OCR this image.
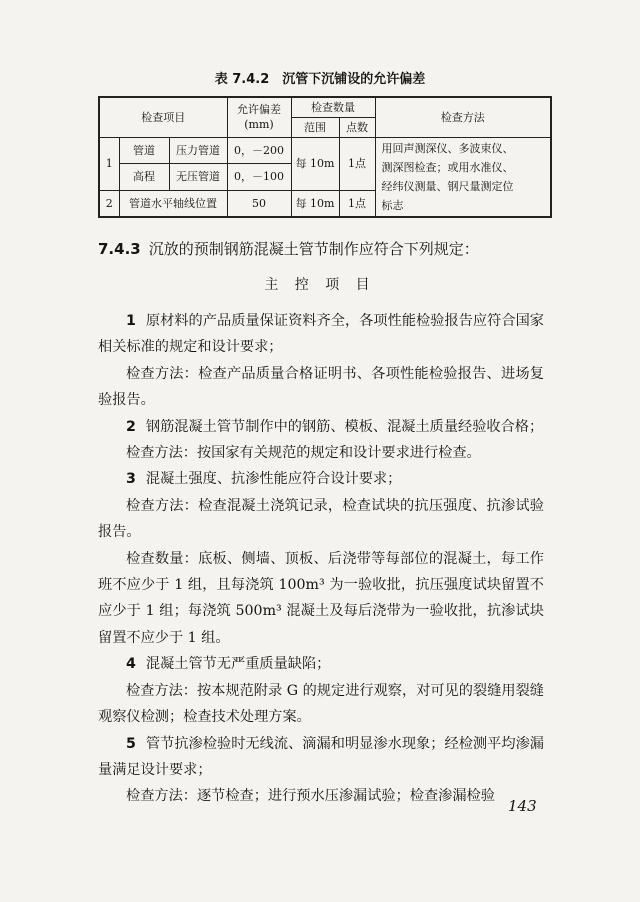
表 7.4.2　沉管下沉铺设的允许偏差
检查项目			允许偏差
(mm)	检查数量		检查方法
				范围	点数	
1	管道	压力管道	0，－200	每 10m	1点	用回声测深仪、多波束仪、
测深图检查；或用水准仪、
经纬仪测量、钢尺量测定位
标志

	高程	无压管道	0，－100			
2	管道水平轴线位置		50	每 10m	1点	
7.4.3 沉放的预制钢筋混凝土管节制作应符合下列规定：
主 控 项 目

1 原材料的产品质量保证资料齐全，各项性能检验报告应符合国家相关标准的规定和设计要求；

检查方法：检查产品质量合格证明书、各项性能检验报告、进场复验报告。

2 钢筋混凝土管节制作中的钢筋、模板、混凝土质量经验收合格；

检查方法：按国家有关规范的规定和设计要求进行检查。

3 混凝土强度、抗渗性能应符合设计要求；

检查方法：检查混凝土浇筑记录，检查试块的抗压强度、抗渗试验报告。

检查数量：底板、侧墙、顶板、后浇带等每部位的混凝土，每工作班不应少于 1 组，且每浇筑 100m³ 为一验收批，抗压强度试块留置不应少于 1 组；每浇筑 500m³ 混凝土及每后浇带为一验收批，抗渗试块留置不应少于 1 组。

4 混凝土管节无严重质量缺陷；

检查方法：按本规范附录 G 的规定进行观察，对可见的裂缝用裂缝观察仪检测；检查技术处理方案。

5 管节抗渗检验时无线流、滴漏和明显渗水现象；经检测平均渗漏量满足设计要求；

检查方法：逐节检查；进行预水压渗漏试验；检查渗漏检验

143
